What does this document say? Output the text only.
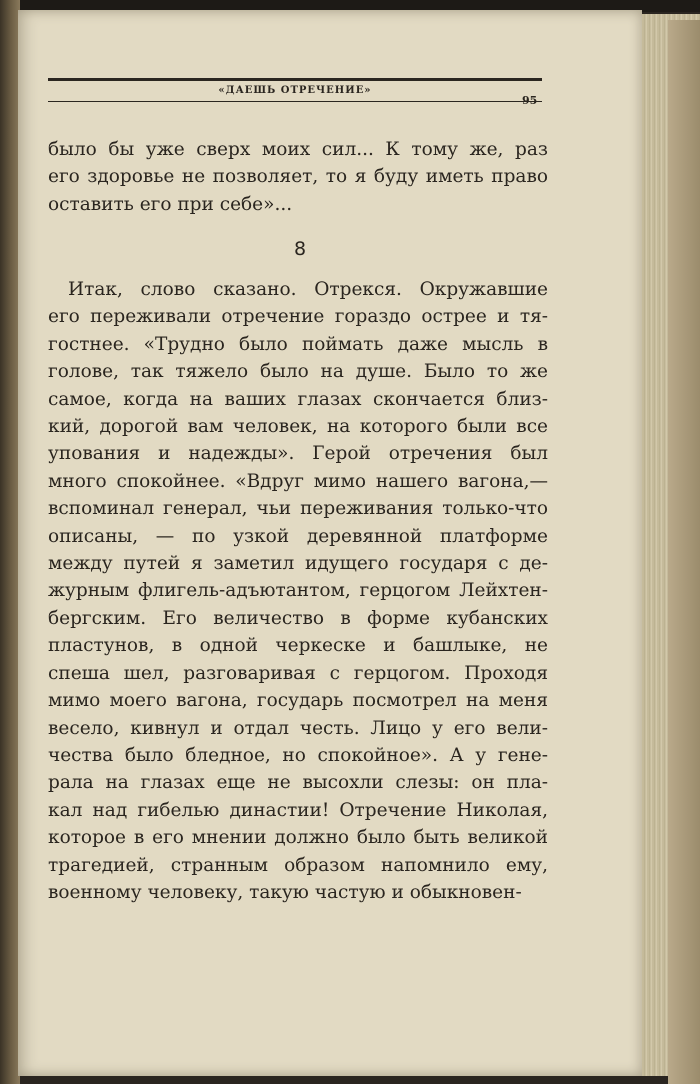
«ДАЕШЬ ОТРЕЧЕНИЕ»
95
было бы уже сверх моих сил... К тому же, раз
его здоровье не позволяет, то я буду иметь право
оставить его при себе»...
8
Итак, слово сказано. Отрекся. Окружавшие
его переживали отречение гораздо острее и тя-
гостнее. «Трудно было поймать даже мысль в
голове, так тяжело было на душе. Было то же
самое, когда на ваших глазах скончается близ-
кий, дорогой вам человек, на которого были все
упования и надежды». Герой отречения был
много спокойнее. «Вдруг мимо нашего вагона,—
вспоминал генерал, чьи переживания только-что
описаны, — по узкой деревянной платформе
между путей я заметил идущего государя с де-
журным флигель-адъютантом, герцогом Лейхтен-
бергским. Его величество в форме кубанских
пластунов, в одной черкеске и башлыке, не
спеша шел, разговаривая с герцогом. Проходя
мимо моего вагона, государь посмотрел на меня
весело, кивнул и отдал честь. Лицо у его вели-
чества было бледное, но спокойное». А у гене-
рала на глазах еще не высохли слезы: он пла-
кал над гибелью династии! Отречение Николая,
которое в его мнении должно было быть великой
трагедией, странным образом напомнило ему,
военному человеку, такую частую и обыкновен-
